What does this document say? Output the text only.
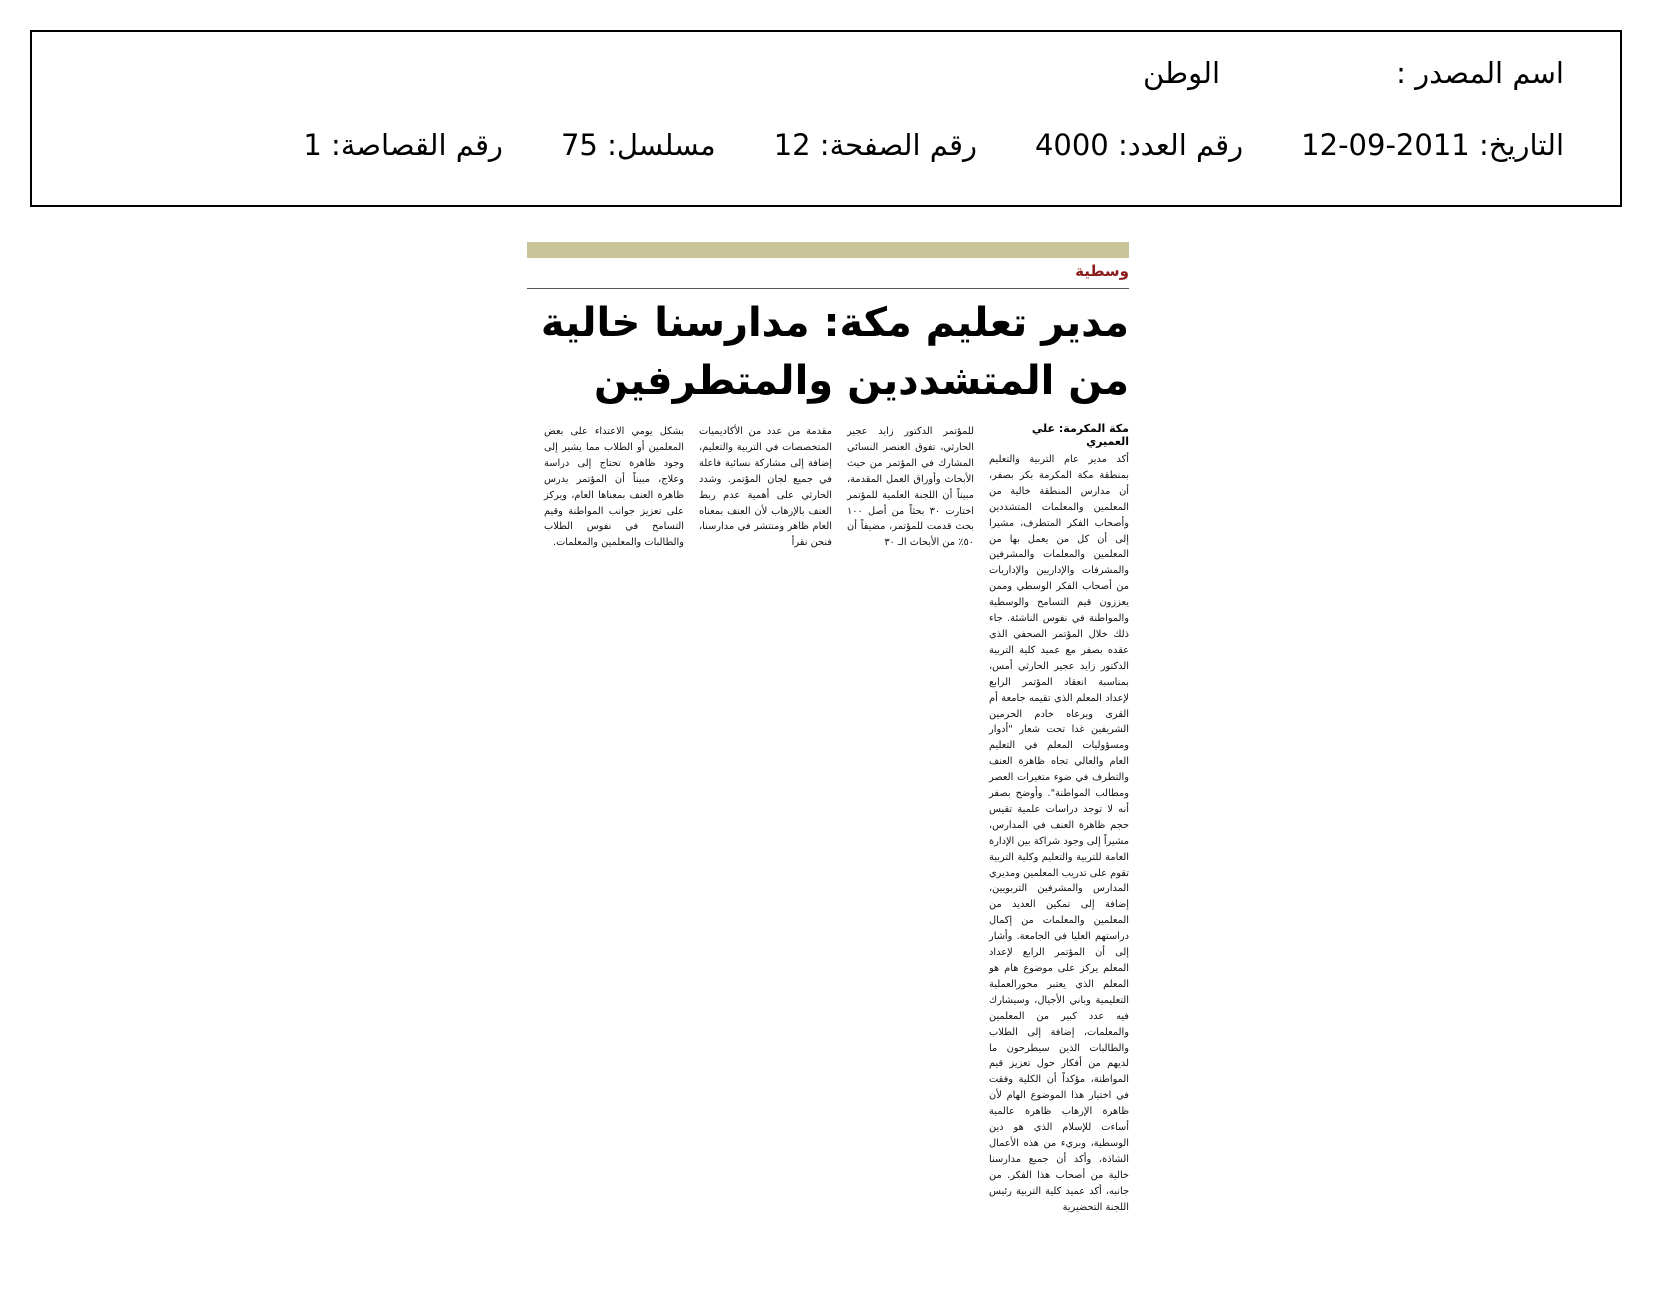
اسم المصدر :
الوطن
التاريخ: 2011-09-12
رقم العدد: 4000
رقم الصفحة: 12
مسلسل: 75
رقم القصاصة: 1
وسطية
مدير تعليم مكة: مدارسنا خالية من المتشددين والمتطرفين
مكة المكرمة: علي العميري

أكد مدير عام التربية والتعليم بمنطقة مكة المكرمة بكر بصفر، أن مدارس المنطقة خالية من المعلمين والمعلمات المتشددين وأصحاب الفكر المتطرف، مشيرا إلى أن كل من يعمل بها من المعلمين والمعلمات والمشرفين والمشرفات والإداريين والإداريات من أصحاب الفكر الوسطي وممن يعززون قيم التسامح والوسطية والمواطنة في نفوس الناشئة. جاء ذلك خلال المؤتمر الصحفي الذي عقده بصفر مع عميد كلية التربية الدكتور زايد عجير الحارثي أمس، بمناسبة انعقاد المؤتمر الرابع لإعداد المعلم الذي تقيمه جامعة أم القرى ويرعاه خادم الحرمين الشريفين غدا تحت شعار "أدوار ومسؤوليات المعلم في التعليم العام والعالي تجاه ظاهرة العنف والتطرف في ضوء متغيرات العصر ومطالب المواطنة". وأوضح بصفر أنه لا توجد دراسات علمية تقيس حجم ظاهرة العنف في المدارس، مشيراً إلى وجود شراكة بين الإدارة العامة للتربية والتعليم وكلية التربية تقوم على تدريب المعلمين ومديري المدارس والمشرفين التربويين، إضافة إلى تمكين العديد من المعلمين والمعلمات من إكمال دراستهم العليا في الجامعة. وأشار إلى أن المؤتمر الرابع لإعداد المعلم يركز على موضوع هام هو المعلم الذي يعتبر محورالعملية التعليمية وباني الأجيال، وسيشارك فيه عدد كبير من المعلمين والمعلمات، إضافة إلى الطلاب والطالبات الذين سيطرحون ما لديهم من أفكار حول تعزيز قيم المواطنة، مؤكداً أن الكلية وفقت في اختيار هذا الموضوع الهام لأن ظاهرة الإرهاب ظاهرة عالمية أساءت للإسلام الذي هو دين الوسطية، وبريء من هذه الأعمال الشاذة، وأكد أن جميع مدارسنا خالية من أصحاب هذا الفكر. من جانبه، أكد عميد كلية التربية رئيس اللجنة التحضيرية

للمؤتمر الدكتور زايد عجير الحارثي، تفوق العنصر النسائي المشارك في المؤتمر من حيث الأبحاث وأوراق العمل المقدمة، مبيناً أن اللجنة العلمية للمؤتمر اختارت ٣٠ بحثاً من أصل ١٠٠ بحث قدمت للمؤتمر، مضيفاً أن ٥٠٪ من الأبحاث الـ ٣٠

مقدمة من عدد من الأكاديميات المتخصصات في التربية والتعليم، إضافة إلى مشاركة نسائية فاعلة في جميع لجان المؤتمر. وشدد الحارثي على أهمية عدم ربط العنف بالإرهاب لأن العنف بمعناه العام ظاهر ومنتشر في مدارسنا، فنحن نقرأ

بشكل يومي الاعتداء على بعض المعلمين أو الطلاب مما يشير إلى وجود ظاهرة تحتاج إلى دراسة وعلاج، مبيناً أن المؤتمر يدرس ظاهرة العنف بمعناها العام، ويركز على تعزيز جوانب المواطنة وقيم التسامح في نفوس الطلاب والطالبات والمعلمين والمعلمات.
